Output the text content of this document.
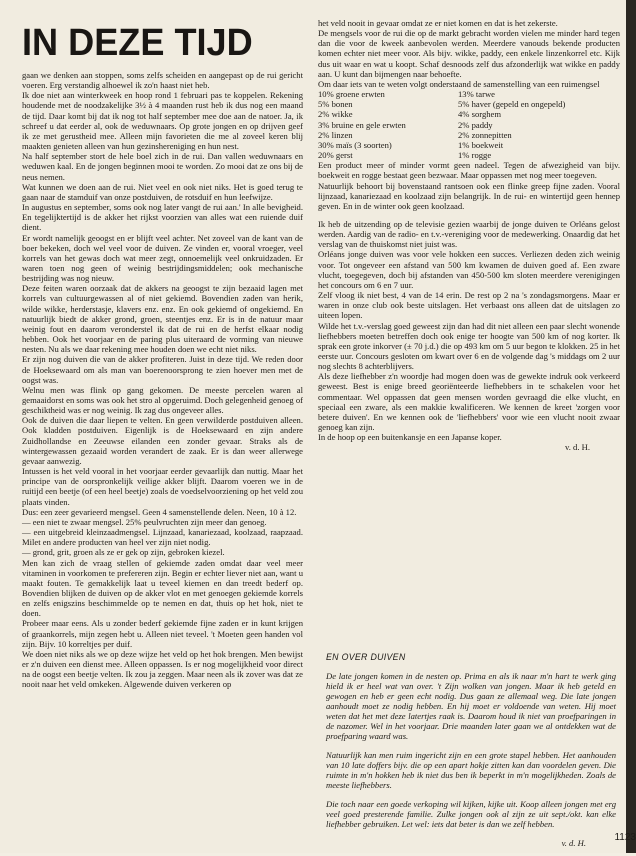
IN DEZE TIJD

gaan we denken aan stoppen, soms zelfs scheiden en aangepast op de rui gericht voeren. Erg verstandig alhoewel ik zo'n haast niet heb.

Ik doe niet aan winterkweek en hoop rond 1 februari pas te koppelen. Rekening houdende met de noodzakelijke 3½ à 4 maanden rust heb ik dus nog een maand de tijd. Daar komt bij dat ik nog tot half september mee doe aan de natoer. Ja, ik schreef u dat eerder al, ook de weduwnaars. Op grote jongen en op drijven geef ik ze met gerustheid mee. Alleen mijn favorieten die me al zoveel keren blij maakten genieten alleen van hun gezinshereniging en hun nest.

Na half september stort de hele boel zich in de rui. Dan vallen weduwnaars en weduwen kaal. En de jongen beginnen mooi te worden. Zo mooi dat ze ons bij de neus nemen.

Wat kunnen we doen aan de rui. Niet veel en ook niet niks. Het is goed terug te gaan naar de stamduif van onze postduiven, de rotsduif en hun leefwijze.

In augustus en september, soms ook nog later vangt de rui aan.' In alle bevigheid. En tegelijktertijd is de akker het rijkst voorzien van alles wat een ruiende duif dient.

Er wordt namelijk geoogst en er blijft veel achter. Net zoveel van de kant van de boer bekeken, doch wel veel voor de duiven. Ze vinden er, vooral vroeger, veel korrels van het gewas doch wat meer zegt, onnoemelijk veel onkruidzaden. Er waren toen nog geen of weinig bestrijdingsmiddelen; ook mechanische bestrijding was nog nieuw.

Deze feiten waren oorzaak dat de akkers na geoogst te zijn bezaaid lagen met korrels van cultuurgewassen al of niet gekiemd. Bovendien zaden van herik, wilde wikke, herderstasje, klavers enz. enz. En ook gekiemd of ongekiemd. En natuurlijk biedt de akker grond, groen, steentjes enz. Er is in de natuur maar weinig fout en daarom veronderstel ik dat de rui en de herfst elkaar nodig hebben. Ook het voorjaar en de paring plus uiteraard de vorming van nieuwe nesten. Nu als we daar rekening mee houden doen we echt niet niks.

Er zijn nog duiven die van de akker profiteren. Juist in deze tijd. We reden door de Hoeksewaard om als man van boerenoorsprong te zien hoever men met de oogst was.

Welnu men was flink op gang gekomen. De meeste percelen waren al gemaaidorst en soms was ook het stro al opgeruimd. Doch gelegenheid genoeg of geschiktheid was er nog weinig. Ik zag dus ongeveer alles.

Ook de duiven die daar liepen te velten. En geen verwilderde postduiven alleen. Ook kladden postduiven. Eigenlijk is de Hoeksewaard en zijn andere Zuidhollandse en Zeeuwse eilanden een zonder gevaar. Straks als de wintergewassen gezaaid worden verandert de zaak. Er is dan weer allerwege gevaar aanwezig.

Intussen is het veld vooral in het voorjaar eerder gevaarlijk dan nuttig. Maar het principe van de oorspronkelijk veilige akker blijft. Daarom voeren we in de ruitijd een beetje (of een heel beetje) zoals de voedselvoorziening op het veld zou plaats vinden.

Dus: een zeer gevarieerd mengsel. Geen 4 samenstellende delen. Neen, 10 à 12.

— een niet te zwaar mengsel. 25% peulvruchten zijn meer dan genoeg.

— een uitgebreid kleinzaadmengsel. Lijnzaad, kanariezaad, koolzaad, raapzaad. Milet en andere producten van heel ver zijn niet nodig.

— grond, grit, groen als ze er gek op zijn, gebroken kiezel.

Men kan zich de vraag stellen of gekiemde zaden omdat daar veel meer vitaminen in voorkomen te prefereren zijn. Begin er echter liever niet aan, want u maakt fouten. Te gemakkelijk laat u teveel kiemen en dan treedt bederf op. Bovendien blijken de duiven op de akker vlot en met genoegen gekiemde korrels en zelfs enigszins beschimmelde op te nemen en dat, thuis op het hok, niet te doen.

Probeer maar eens. Als u zonder bederf gekiemde fijne zaden er in kunt krijgen of graankorrels, mijn zegen hebt u. Alleen niet teveel. 't Moeten geen handen vol zijn. Bijv. 10 korreltjes per duif.

We doen niet niks als we op deze wijze het veld op het hok brengen. Men bewijst er z'n duiven een dienst mee. Alleen oppassen. Is er nog mogelijkheid voor direct na de oogst een beetje velten. Ik zou ja zeggen. Maar neen als ik zover was dat ze nooit naar het veld omkeken. Algewende duiven verkeren op

het veld nooit in gevaar omdat ze er niet komen en dat is het zekerste.

De mengsels voor de rui die op de markt gebracht worden vielen me minder hard tegen dan die voor de kweek aanbevolen werden. Meerdere vanouds bekende producten komen echter niet meer voor. Als bijv. wikke, paddy, een enkele linzenkorrel etc. Kijk dus uit waar en wat u koopt. Schaf desnoods zelf dus afzonderlijk wat wikke en paddy aan. U kunt dan bijmengen naar behoefte.

Om daar iets van te weten volgt onderstaand de samenstelling van een ruimengsel

10% groene erwten	13% tarwe
5% bonen	5% haver (gepeld en ongepeld)
2% wikke	4% sorghem
3% bruine en gele erwten	2% paddy
2% linzen	2% zonnepitten
30% maïs (3 soorten)	1% boekweit
20% gerst	1% rogge

Een product meer of minder vormt geen nadeel. Tegen de afwezigheid van bijv. boekweit en rogge bestaat geen bezwaar. Maar oppassen met nog meer toegeven.

Natuurlijk behoort bij bovenstaand rantsoen ook een flinke greep fijne zaden. Vooral lijnzaad, kanariezaad en koolzaad zijn belangrijk. In de rui- en wintertijd geen hennep geven. En in de winter ook geen koolzaad.

Ik heb de uitzending op de televisie gezien waarbij de jonge duiven te Orléans gelost werden. Aardig van de radio- en t.v.-vereniging voor de medewerking. Onaardig dat het verslag van de thuiskomst niet juist was.

Orléans jonge duiven was voor vele hokken een succes. Verliezen deden zich weinig voor. Tot ongeveer een afstand van 500 km kwamen de duiven goed af. Een zware vlucht, toegegeven, doch bij afstanden van 450-500 km sloten meerdere verenigingen het concours om 6 en 7 uur.

Zelf vloog ik niet best, 4 van de 14 erin. De rest op 2 na 's zondagsmorgens. Maar er waren in onze club ook beste uitslagen. Het verbaast ons alleen dat de uitslagen zo uiteen lopen.

Wilde het t.v.-verslag goed geweest zijn dan had dit niet alleen een paar slecht wonende liefhebbers moeten betreffen doch ook enige ter hoogte van 500 km of nog korter. Ik sprak een grote inkorver (± 70 j.d.) die op 493 km om 5 uur begon te klokken. 25 in het eerste uur. Concours gesloten om kwart over 6 en de volgende dag 's middags om 2 uur nog slechts 8 achterblijvers.

Als deze liefhebber z'n woordje had mogen doen was de gewekte indruk ook verkeerd geweest. Best is enige breed georiënteerde liefhebbers in te schakelen voor het commentaar. Wel oppassen dat geen mensen worden gevraagd die elke vlucht, en speciaal een zware, als een makkie kwalificeren. We kennen de kreet 'zorgen voor betere duiven'. En we kennen ook de 'liefhebbers' voor wie een vlucht nooit zwaar genoeg kan zijn.

In de hoop op een buitenkansje en een Japanse koper.

v. d. H.

EN OVER DUIVEN

De late jongen komen in de nesten op. Prima en als ik naar m'n hart te werk ging hield ik er heel wat van over. 't Zijn wolken van jongen. Maar ik heb geteld en gewogen en heb er geen echt nodig. Dus gaan ze allemaal weg. Die late jongen aanhoudt moet ze nodig hebben. En hij moet er voldoende van weten. Hij moet weten dat het met deze latertjes raak is. Daarom houd ik niet van proefparingen in de nazomer. Wel in het voorjaar. Drie maanden later gaan we al ontdekken wat de proefparing waard was.

Natuurlijk kan men ruim ingericht zijn en een grote stapel hebben. Het aanhouden van 10 late doffers bijv. die op een apart hokje zitten kan dan voordelen geven. Die ruimte in m'n hokken heb ik niet dus ben ik beperkt in m'n mogelijkheden. Zoals de meeste liefhebbers.

Die toch naar een goede verkoping wil kijken, kijke uit. Koop alleen jongen met erg veel goed presterende familie. Zulke jongen ook al zijn ze uit sept./okt. kan elke liefhebber gebruiken. Let wel: iets dat beter is dan we zelf hebben.

v. d. H.	1123
